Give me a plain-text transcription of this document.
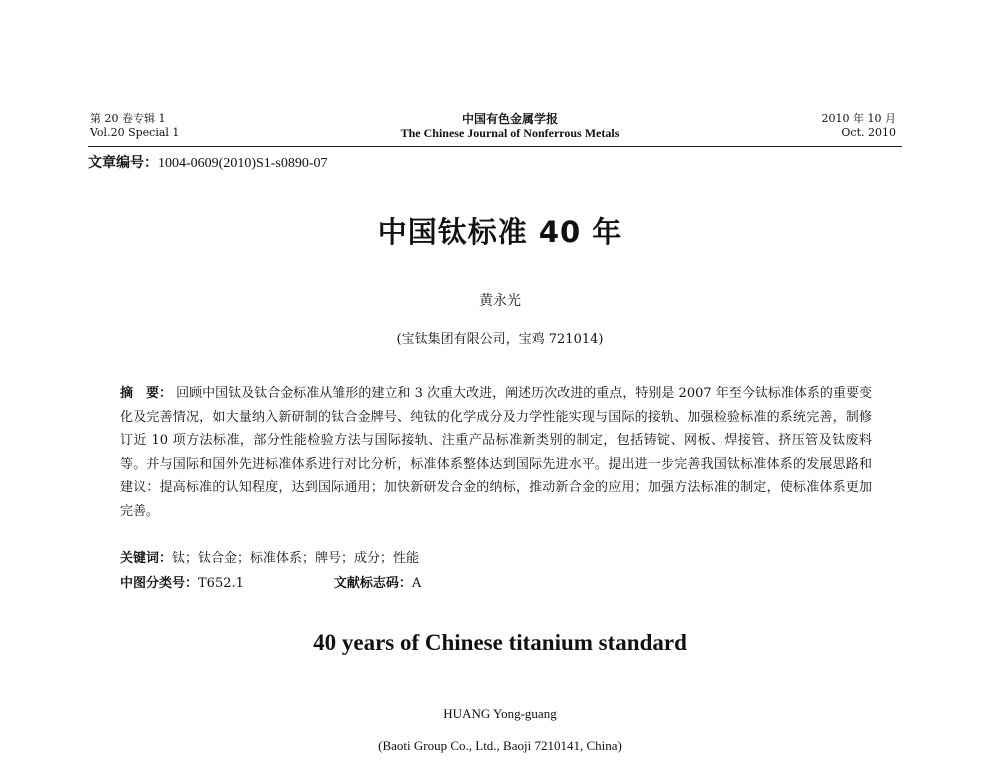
第 20 卷专辑 1
Vol.20 Special 1
中国有色金属学报
The Chinese Journal of Nonferrous Metals
2010 年 10 月
Oct. 2010
文章编号：1004-0609(2010)S1-s0890-07
中国钛标准 40 年
黄永光
(宝钛集团有限公司，宝鸡 721014)
摘　要： 回顾中国钛及钛合金标准从雏形的建立和 3 次重大改进，阐述历次改进的重点，特别是 2007 年至今钛标准体系的重要变化及完善情况，如大量纳入新研制的钛合金牌号、纯钛的化学成分及力学性能实现与国际的接轨、加强检验标准的系统完善，制修订近 10 项方法标准，部分性能检验方法与国际接轨、注重产品标准新类别的制定，包括铸锭、网板、焊接管、挤压管及钛废料等。并与国际和国外先进标准体系进行对比分析，标准体系整体达到国际先进水平。提出进一步完善我国钛标准体系的发展思路和建议：提高标准的认知程度，达到国际通用；加快新研发合金的纳标，推动新合金的应用；加强方法标准的制定，使标准体系更加完善。
关键词：钛；钛合金；标准体系；牌号；成分；性能
中图分类号：T652.1	文献标志码：A
40 years of Chinese titanium standard
HUANG Yong-guang
(Baoti Group Co., Ltd., Baoji 7210141, China)
